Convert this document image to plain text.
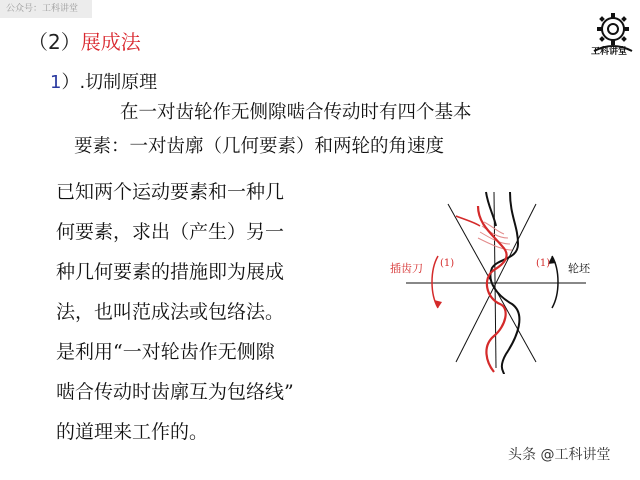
公众号：工科讲堂
工科讲堂
（2）展成法
1）.切制原理
在一对齿轮作无侧隙啮合传动时有四个基本
要素：一对齿廓（几何要素）和两轮的角速度
已知两个运动要素和一种几
何要素，求出（产生）另一
种几何要素的措施即为展成
法，也叫范成法或包络法。
是利用“一对轮齿作无侧隙
啮合传动时齿廓互为包络线”
的道理来工作的。
插齿刀 (1)	(1) 轮坯
头条 @工科讲堂
